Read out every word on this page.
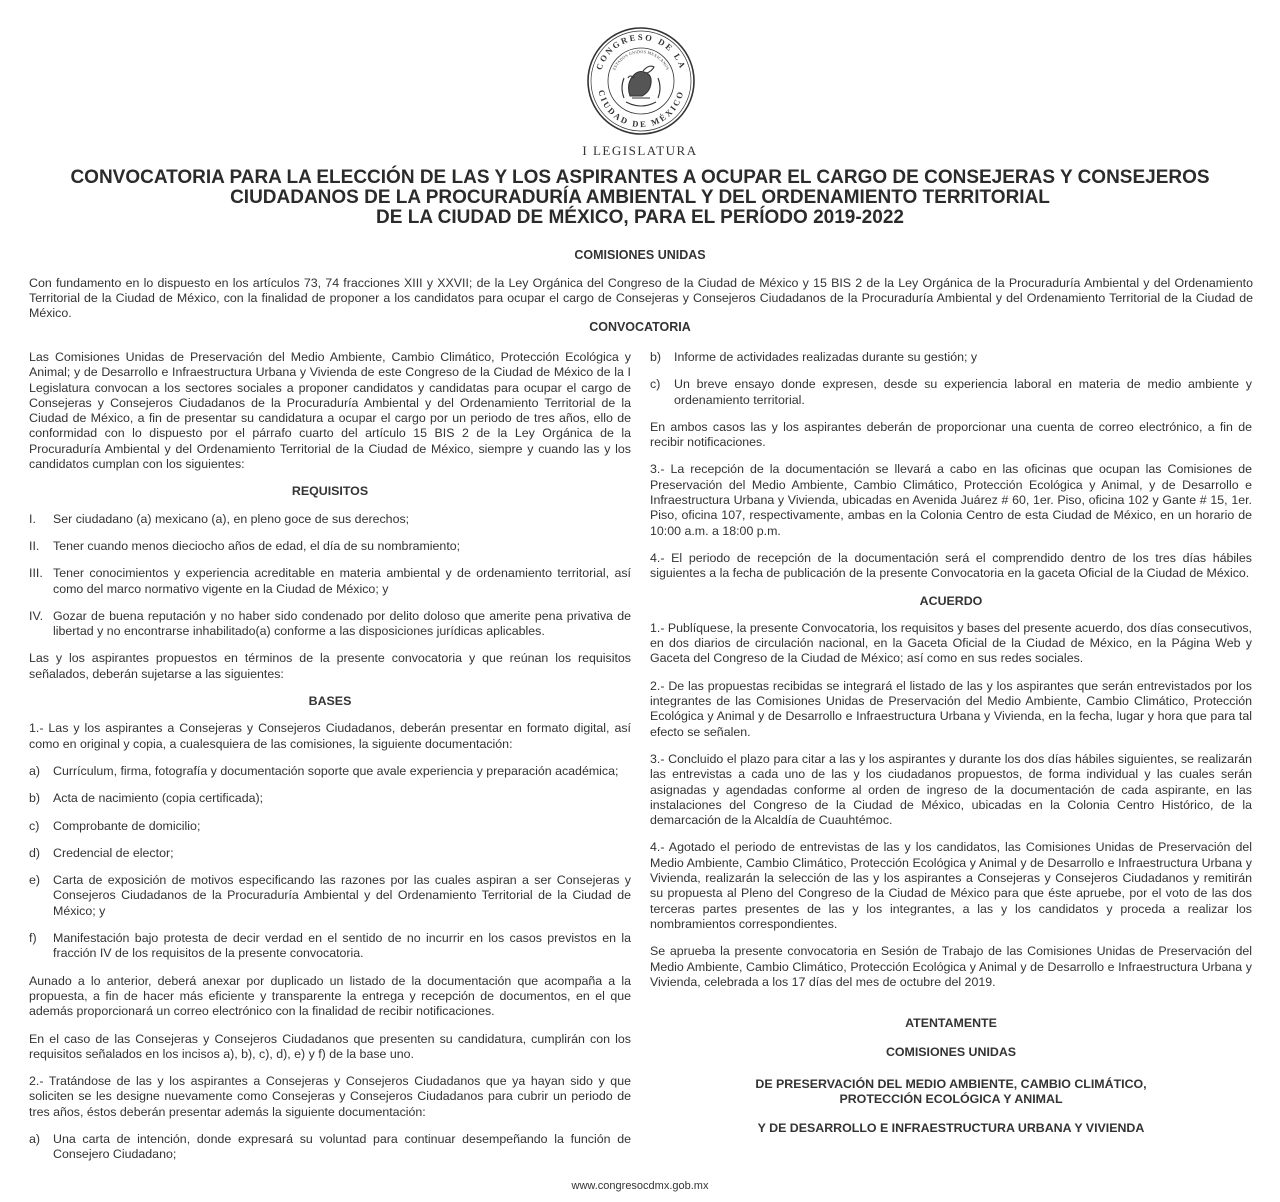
CONGRESO DE LA
CIUDAD DE MÉXICO
ESTADOS UNIDOS MEXICANOS
I LEGISLATURA
CONVOCATORIA PARA LA ELECCIÓN DE LAS Y LOS ASPIRANTES A OCUPAR EL CARGO DE CONSEJERAS Y CONSEJEROS
CIUDADANOS DE LA PROCURADURÍA AMBIENTAL Y DEL ORDENAMIENTO TERRITORIAL
DE LA CIUDAD DE MÉXICO, PARA EL PERÍODO 2019-2022
COMISIONES UNIDAS

Con fundamento en lo dispuesto en los artículos 73, 74 fracciones XIII y XXVII; de la Ley Orgánica del Congreso de la Ciudad de México y 15 BIS 2 de la Ley Orgánica de la Procuraduría Ambiental y del Ordenamiento Territorial de la Ciudad de México, con la finalidad de proponer a los candidatos para ocupar el cargo de Consejeras y Consejeros Ciudadanos de la Procuraduría Ambiental y del Ordenamiento Territorial de la Ciudad de México.

CONVOCATORIA

Las Comisiones Unidas de Preservación del Medio Ambiente, Cambio Climático, Protección Ecológica y Animal; y de Desarrollo e Infraestructura Urbana y Vivienda de este Congreso de la Ciudad de México de la I Legislatura convocan a los sectores sociales a proponer candidatos y candidatas para ocupar el cargo de Consejeras y Consejeros Ciudadanos de la Procuraduría Ambiental y del Ordenamiento Territorial de la Ciudad de México, a fin de presentar su candidatura a ocupar el cargo por un periodo de tres años, ello de conformidad con lo dispuesto por el párrafo cuarto del artículo 15 BIS 2 de la Ley Orgánica de la Procuraduría Ambiental y del Ordenamiento Territorial de la Ciudad de México, siempre y cuando las y los candidatos cumplan con los siguientes:

REQUISITOS
I.	Ser ciudadano (a) mexicano (a), en pleno goce de sus derechos;
II.	Tener cuando menos dieciocho años de edad, el día de su nombramiento;
III. Tener conocimientos y experiencia acreditable en materia ambiental y de ordenamiento territorial, así como del marco normativo vigente en la Ciudad de México; y
IV. Gozar de buena reputación y no haber sido condenado por delito doloso que amerite pena privativa de libertad y no encontrarse inhabilitado(a) conforme a las disposiciones jurídicas aplicables.

Las y los aspirantes propuestos en términos de la presente convocatoria y que reúnan los requisitos señalados, deberán sujetarse a las siguientes:

BASES

1.- Las y los aspirantes a Consejeras y Consejeros Ciudadanos, deberán presentar en formato digital, así como en original y copia, a cualesquiera de las comisiones, la siguiente documentación:

a)	Currículum, firma, fotografía y documentación soporte que avale experiencia y preparación académica;
b)	Acta de nacimiento (copia certificada);
c)	Comprobante de domicilio;
d)	Credencial de elector;
e)	Carta de exposición de motivos especificando las razones por las cuales aspiran a ser Consejeras y Consejeros Ciudadanos de la Procuraduría Ambiental y del Ordenamiento Territorial de la Ciudad de México; y
f)	Manifestación bajo protesta de decir verdad en el sentido de no incurrir en los casos previstos en la fracción IV de los requisitos de la presente convocatoria.

Aunado a lo anterior, deberá anexar por duplicado un listado de la documentación que acompaña a la propuesta, a fin de hacer más eficiente y transparente la entrega y recepción de documentos, en el que además proporcionará un correo electrónico con la finalidad de recibir notificaciones.

En el caso de las Consejeras y Consejeros Ciudadanos que presenten su candidatura, cumplirán con los requisitos señalados en los incisos a), b), c), d), e) y f) de la base uno.

2.- Tratándose de las y los aspirantes a Consejeras y Consejeros Ciudadanos que ya hayan sido y que soliciten se les designe nuevamente como Consejeras y Consejeros Ciudadanos para cubrir un periodo de tres años, éstos deberán presentar además la siguiente documentación:

a)	Una carta de intención, donde expresará su voluntad para continuar desempeñando la función de Consejero Ciudadano;
b)	Informe de actividades realizadas durante su gestión; y
c)	Un breve ensayo donde expresen, desde su experiencia laboral en materia de medio ambiente y ordenamiento territorial.

En ambos casos las y los aspirantes deberán de proporcionar una cuenta de correo electrónico, a fin de recibir notificaciones.

3.- La recepción de la documentación se llevará a cabo en las oficinas que ocupan las Comisiones de Preservación del Medio Ambiente, Cambio Climático, Protección Ecológica y Animal, y de Desarrollo e Infraestructura Urbana y Vivienda, ubicadas en Avenida Juárez # 60, 1er. Piso, oficina 102 y Gante # 15, 1er. Piso, oficina 107, respectivamente, ambas en la Colonia Centro de esta Ciudad de México, en un horario de 10:00 a.m. a 18:00 p.m.

4.- El periodo de recepción de la documentación será el comprendido dentro de los tres días hábiles siguientes a la fecha de publicación de la presente Convocatoria en la gaceta Oficial de la Ciudad de México.

ACUERDO

1.- Publíquese, la presente Convocatoria, los requisitos y bases del presente acuerdo, dos días consecutivos, en dos diarios de circulación nacional, en la Gaceta Oficial de la Ciudad de México, en la Página Web y Gaceta del Congreso de la Ciudad de México; así como en sus redes sociales.

2.- De las propuestas recibidas se integrará el listado de las y los aspirantes que serán entrevistados por los integrantes de las Comisiones Unidas de Preservación del Medio Ambiente, Cambio Climático, Protección Ecológica y Animal y de Desarrollo e Infraestructura Urbana y Vivienda, en la fecha, lugar y hora que para tal efecto se señalen.

3.- Concluido el plazo para citar a las y los aspirantes y durante los dos días hábiles siguientes, se realizarán las entrevistas a cada uno de las y los ciudadanos propuestos, de forma individual y las cuales serán asignadas y agendadas conforme al orden de ingreso de la documentación de cada aspirante, en las instalaciones del Congreso de la Ciudad de México, ubicadas en la Colonia Centro Histórico, de la demarcación de la Alcaldía de Cuauhtémoc.

4.- Agotado el periodo de entrevistas de las y los candidatos, las Comisiones Unidas de Preservación del Medio Ambiente, Cambio Climático, Protección Ecológica y Animal y de Desarrollo e Infraestructura Urbana y Vivienda, realizarán la selección de las y los aspirantes a Consejeras y Consejeros Ciudadanos y remitirán su propuesta al Pleno del Congreso de la Ciudad de México para que éste apruebe, por el voto de las dos terceras partes presentes de las y los integrantes, a las y los candidatos y proceda a realizar los nombramientos correspondientes.

Se aprueba la presente convocatoria en Sesión de Trabajo de las Comisiones Unidas de Preservación del Medio Ambiente, Cambio Climático, Protección Ecológica y Animal y de Desarrollo e Infraestructura Urbana y Vivienda, celebrada a los 17 días del mes de octubre del 2019.

ATENTAMENTE
COMISIONES UNIDAS
DE PRESERVACIÓN DEL MEDIO AMBIENTE, CAMBIO CLIMÁTICO,
PROTECCIÓN ECOLÓGICA Y ANIMAL
Y DE DESARROLLO E INFRAESTRUCTURA URBANA Y VIVIENDA
www.congresocdmx.gob.mx
